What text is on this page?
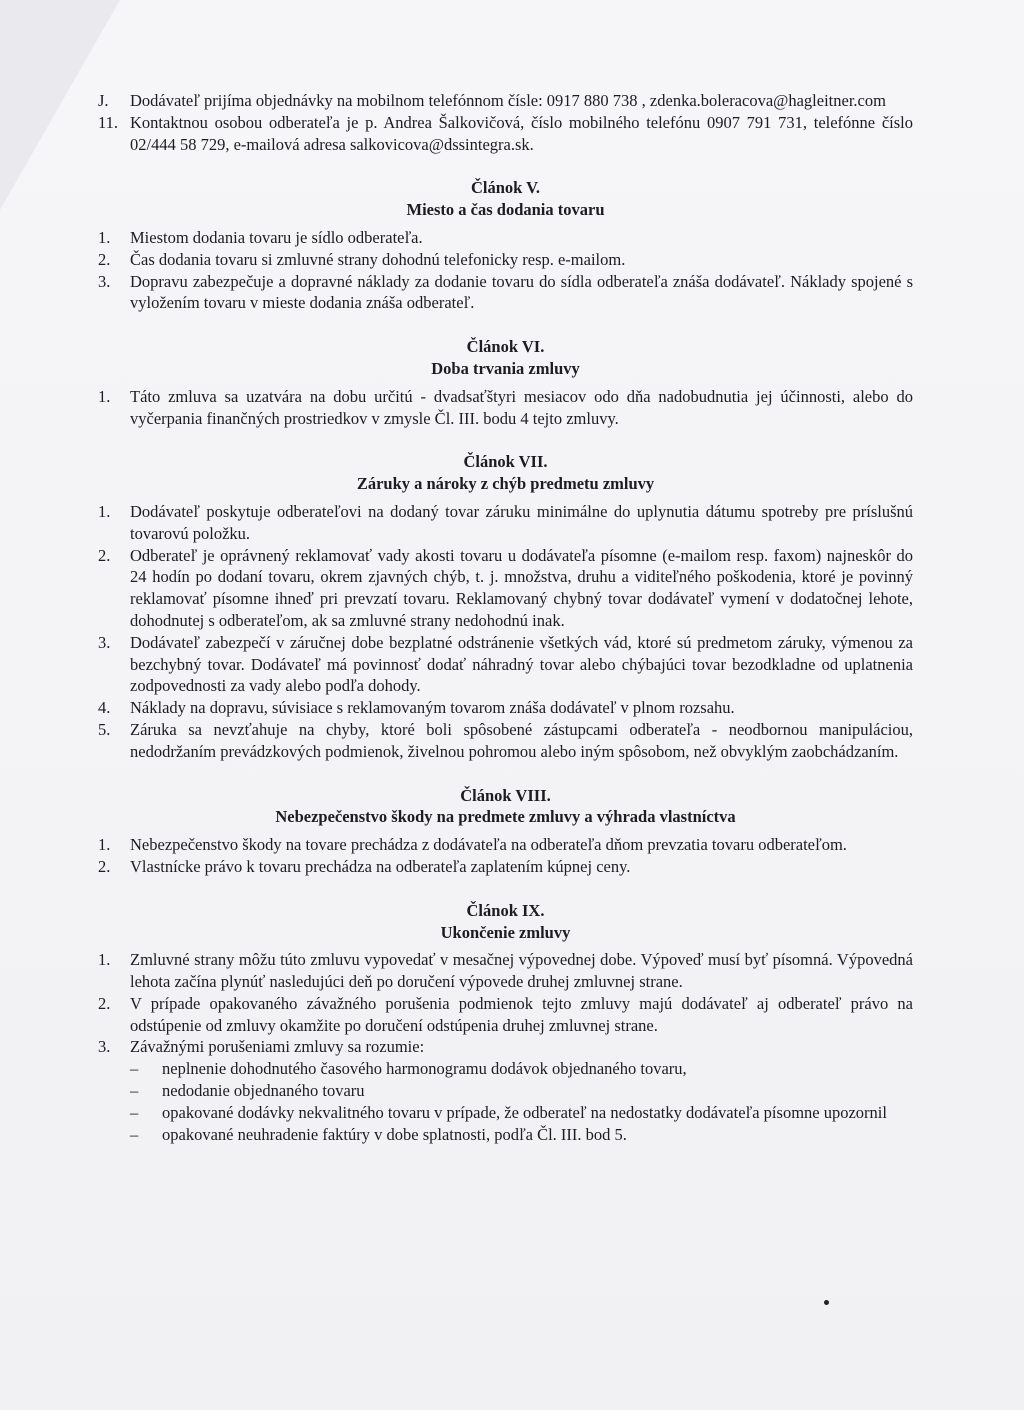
J.	Dodávateľ prijíma objednávky na mobilnom telefónnom čísle: 0917 880 738 , zdenka.boleracova@hagleitner.com
11. Kontaktnou osobou odberateľa je p. Andrea Šalkovičová, číslo mobilného telefónu 0907 791 731, telefónne číslo 02/444 58 729, e-mailová adresa salkovicova@dssintegra.sk.
Článok V.
Miesto a čas dodania tovaru
1.	Miestom dodania tovaru je sídlo odberateľa.
2.	Čas dodania tovaru si zmluvné strany dohodnú telefonicky resp. e-mailom.
3.	Dopravu zabezpečuje a dopravné náklady za dodanie tovaru do sídla odberateľa znáša dodávateľ. Náklady spojené s vyložením tovaru v mieste dodania znáša odberateľ.
Článok VI.
Doba trvania zmluvy
1.	Táto zmluva sa uzatvára na dobu určitú - dvadsaťštyri mesiacov odo dňa nadobudnutia jej účinnosti, alebo do vyčerpania finančných prostriedkov v zmysle Čl. III. bodu 4 tejto zmluvy.
Článok VII.
Záruky a nároky z chýb predmetu zmluvy
1.	Dodávateľ poskytuje odberateľovi na dodaný tovar záruku minimálne do uplynutia dátumu spotreby pre príslušnú tovarovú položku.
2.	Odberateľ je oprávnený reklamovať vady akosti tovaru u dodávateľa písomne (e-mailom resp. faxom) najneskôr do 24 hodín po dodaní tovaru, okrem zjavných chýb, t. j. množstva, druhu a viditeľného poškodenia, ktoré je povinný reklamovať písomne ihneď pri prevzatí tovaru. Reklamovaný chybný tovar dodávateľ vymení v dodatočnej lehote, dohodnutej s odberateľom, ak sa zmluvné strany nedohodnú inak.
3.	Dodávateľ zabezpečí v záručnej dobe bezplatné odstránenie všetkých vád, ktoré sú predmetom záruky, výmenou za bezchybný tovar. Dodávateľ má povinnosť dodať náhradný tovar alebo chýbajúci tovar bezodkladne od uplatnenia zodpovednosti za vady alebo podľa dohody.
4.	Náklady na dopravu, súvisiace s reklamovaným tovarom znáša dodávateľ v plnom rozsahu.
5.	Záruka sa nevzťahuje na chyby, ktoré boli spôsobené zástupcami odberateľa - neodbornou manipuláciou, nedodržaním prevádzkových podmienok, živelnou pohromou alebo iným spôsobom, než obvyklým zaobchádzaním.
Článok VIII.
Nebezpečenstvo škody na predmete zmluvy a výhrada vlastníctva
1.	Nebezpečenstvo škody na tovare prechádza z dodávateľa na odberateľa dňom prevzatia tovaru odberateľom.
2.	Vlastnícke právo k tovaru prechádza na odberateľa zaplatením kúpnej ceny.
Článok IX.
Ukončenie zmluvy
1.	Zmluvné strany môžu túto zmluvu vypovedať v mesačnej výpovednej dobe. Výpoveď musí byť písomná. Výpovedná lehota začína plynúť nasledujúci deň po doručení výpovede druhej zmluvnej strane.
2.	V prípade opakovaného závažného porušenia podmienok tejto zmluvy majú dodávateľ aj odberateľ právo na odstúpenie od zmluvy okamžite po doručení odstúpenia druhej zmluvnej strane.
3.	Závažnými porušeniami zmluvy sa rozumie:
–	neplnenie dohodnutého časového harmonogramu dodávok objednaného tovaru,
–	nedodanie objednaného tovaru
–	opakované dodávky nekvalitného tovaru v prípade, že odberateľ na nedostatky dodávateľa písomne upozornil
–	opakované neuhradenie faktúry v dobe splatnosti, podľa Čl. III. bod 5.
